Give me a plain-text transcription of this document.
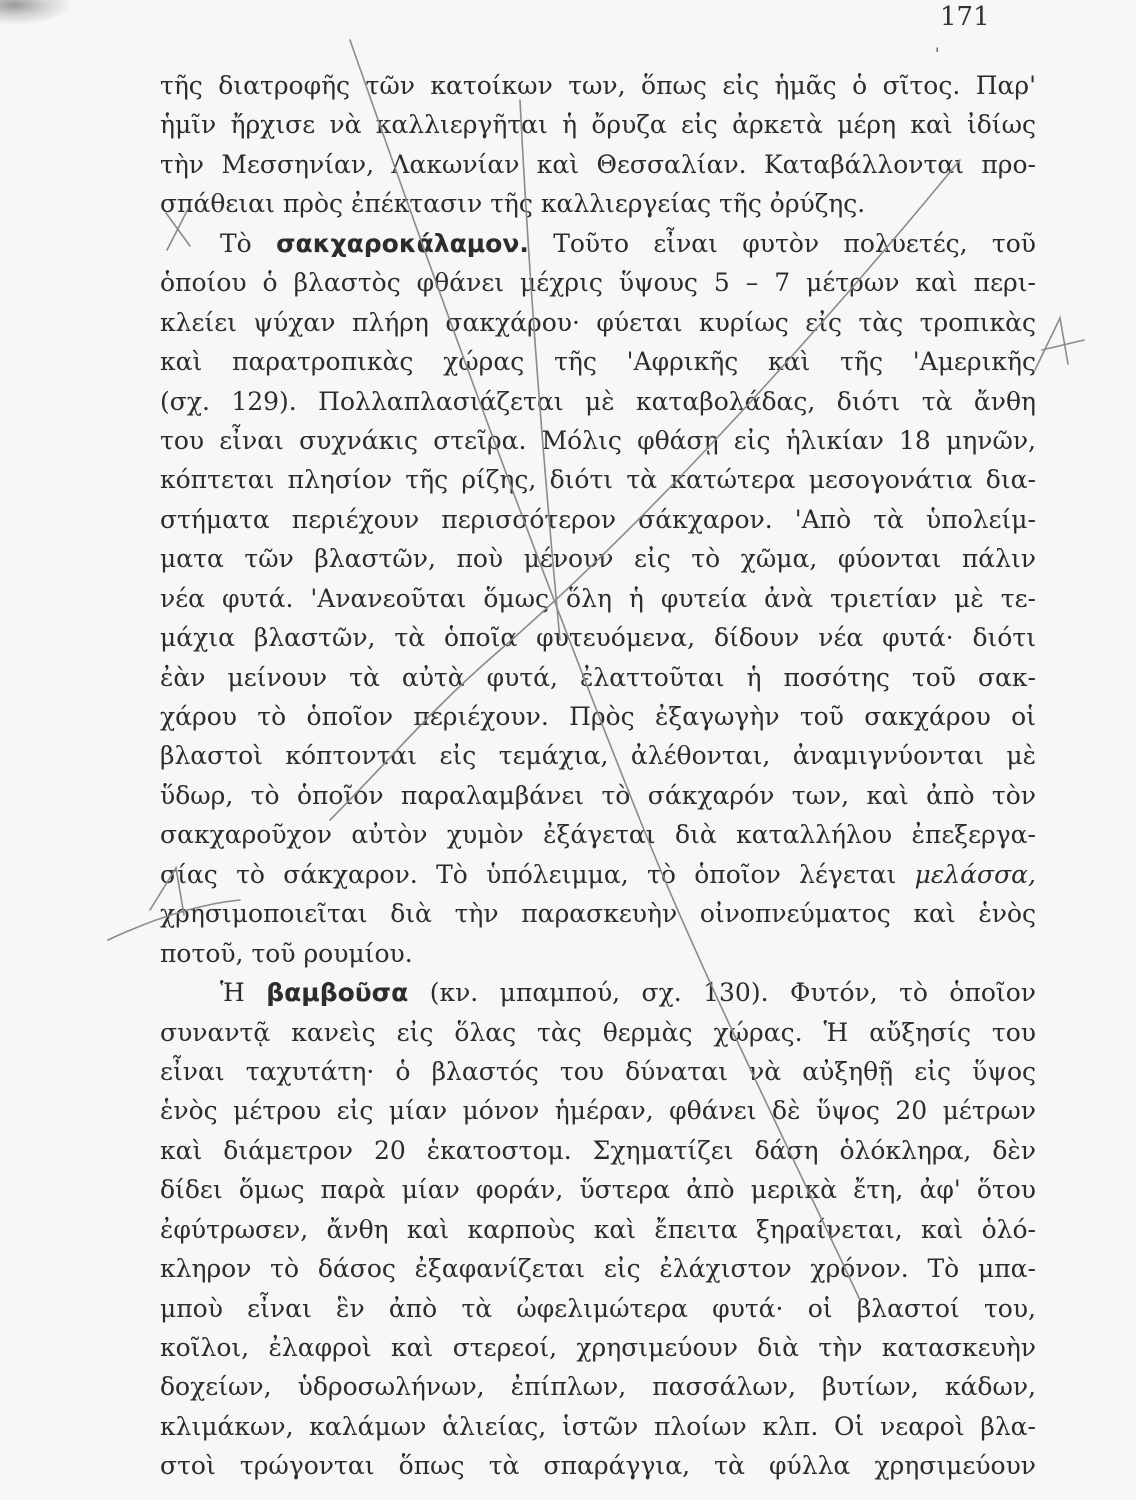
171
'
τῆς διατροφῆς τῶν κατοίκων των, ὅπως εἰς ἡμᾶς ὁ σῖτος. Παρ'
ἡμῖν ἤρχισε νὰ καλλιεργῆται ἡ ὄρυζα εἰς ἀρκετὰ μέρη καὶ ἰδίως
τὴν Μεσσηνίαν, Λακωνίαν καὶ Θεσσαλίαν. Καταβάλλονται προ-
σπάθειαι πρὸς ἐπέκτασιν τῆς καλλιεργείας τῆς ὀρύζης.
Τὸ σακχαροκάλαμον. Τοῦτο εἶναι φυτὸν πολυετές, τοῦ
ὁποίου ὁ βλαστὸς φθάνει μέχρις ὕψους 5 – 7 μέτρων καὶ περι-
κλείει ψύχαν πλήρη σακχάρου· φύεται κυρίως εἰς τὰς τροπικὰς
καὶ παρατροπικὰς χώρας τῆς 'Αφρικῆς καὶ τῆς 'Αμερικῆς
(σχ. 129). Πολλαπλασιάζεται μὲ καταβολάδας, διότι τὰ ἄνθη
του εἶναι συχνάκις στεῖρα. Μόλις φθάσῃ εἰς ἡλικίαν 18 μηνῶν,
κόπτεται πλησίον τῆς ρίζης, διότι τὰ κατώτερα μεσογονάτια δια-
στήματα περιέχουν περισσότερον σάκχαρον. 'Απὸ τὰ ὑπολείμ-
ματα τῶν βλαστῶν, ποὺ μένουν εἰς τὸ χῶμα, φύονται πάλιν
νέα φυτά. 'Ανανεοῦται ὅμως ὅλη ἡ φυτεία ἀνὰ τριετίαν μὲ τε-
μάχια βλαστῶν, τὰ ὁποῖα φυτευόμενα, δίδουν νέα φυτά· διότι
ἐὰν μείνουν τὰ αὐτὰ φυτά, ἐλαττοῦται ἡ ποσότης τοῦ σακ-
χάρου τὸ ὁποῖον περιέχουν. Πρὸς ἐξαγωγὴν τοῦ σακχάρου οἱ
βλαστοὶ κόπτονται εἰς τεμάχια, ἀλέθονται, ἀναμιγνύονται μὲ
ὕδωρ, τὸ ὁποῖον παραλαμβάνει τὸ σάκχαρόν των, καὶ ἀπὸ τὸν
σακχαροῦχον αὐτὸν χυμὸν ἐξάγεται διὰ καταλλήλου ἐπεξεργα-
σίας τὸ σάκχαρον. Τὸ ὑπόλειμμα, τὸ ὁποῖον λέγεται μελάσσα,
χρησιμοποιεῖται διὰ τὴν παρασκευὴν οἰνοπνεύματος καὶ ἑνὸς
ποτοῦ, τοῦ ρουμίου.
Ἡ βαμβοῦσα (κν. μπαμπού, σχ. 130). Φυτόν, τὸ ὁποῖον
συναντᾷ κανεὶς εἰς ὅλας τὰς θερμὰς χώρας. Ἡ αὔξησίς του
εἶναι ταχυτάτη· ὁ βλαστός του δύναται νὰ αὐξηθῇ εἰς ὕψος
ἑνὸς μέτρου εἰς μίαν μόνον ἡμέραν, φθάνει δὲ ὕψος 20 μέτρων
καὶ διάμετρον 20 ἑκατοστομ. Σχηματίζει δάση ὁλόκληρα, δὲν
δίδει ὅμως παρὰ μίαν φοράν, ὕστερα ἀπὸ μερικὰ ἔτη, ἀφ' ὅτου
ἐφύτρωσεν, ἄνθη καὶ καρποὺς καὶ ἔπειτα ξηραίνεται, καὶ ὁλό-
κληρον τὸ δάσος ἐξαφανίζεται εἰς ἐλάχιστον χρόνον. Τὸ μπα-
μποὺ εἶναι ἓν ἀπὸ τὰ ὠφελιμώτερα φυτά· οἱ βλαστοί του,
κοῖλοι, ἐλαφροὶ καὶ στερεοί, χρησιμεύουν διὰ τὴν κατασκευὴν
δοχείων, ὑδροσωλήνων, ἐπίπλων, πασσάλων, βυτίων, κάδων,
κλιμάκων, καλάμων ἁλιείας, ἱστῶν πλοίων κλπ. Οἱ νεαροὶ βλα-
στοὶ τρώγονται ὅπως τὰ σπαράγγια, τὰ φύλλα χρησιμεύουν
